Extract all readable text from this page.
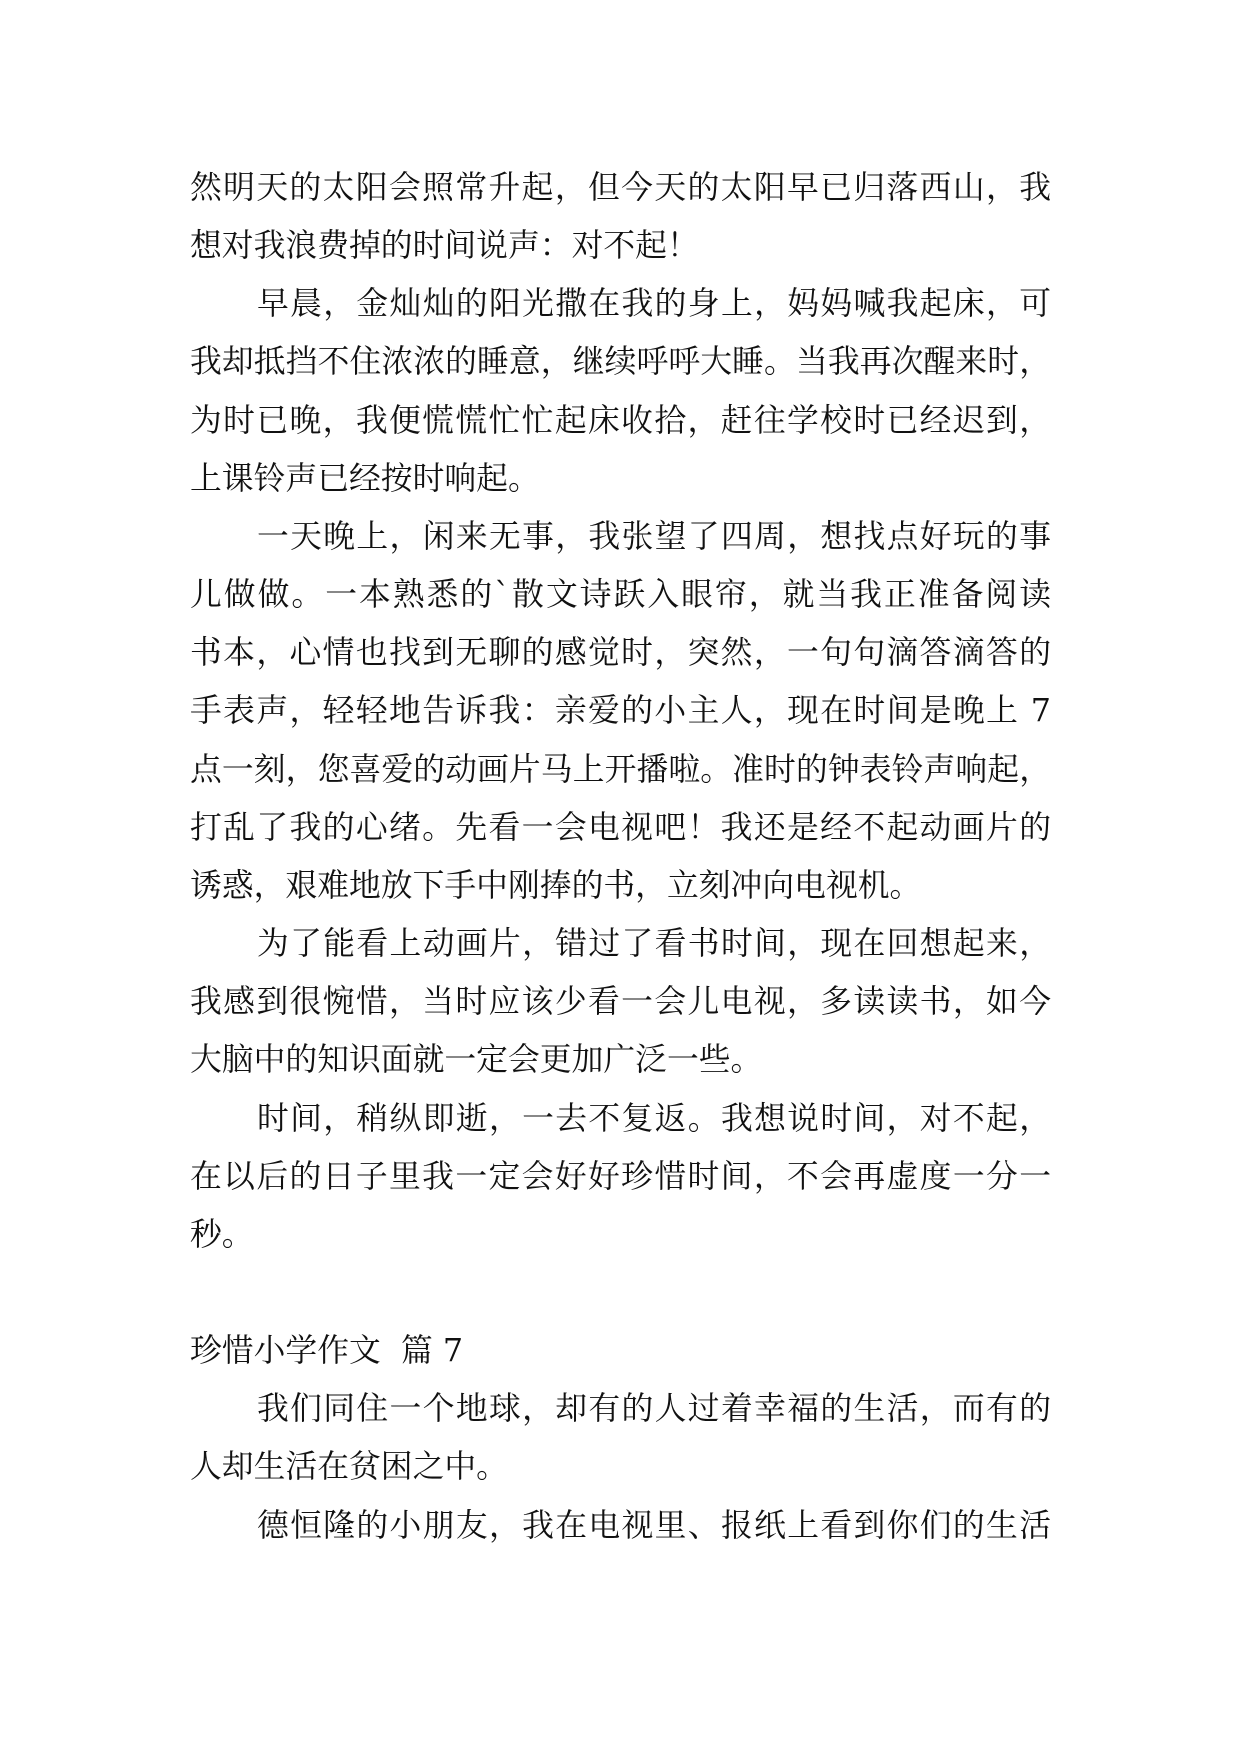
然明天的太阳会照常升起，但今天的太阳早已归落西山，我
想对我浪费掉的时间说声：对不起！
早晨，金灿灿的阳光撒在我的身上，妈妈喊我起床，可
我却抵挡不住浓浓的睡意，继续呼呼大睡。当我再次醒来时，
为时已晚，我便慌慌忙忙起床收拾，赶往学校时已经迟到，
上课铃声已经按时响起。
一天晚上，闲来无事，我张望了四周，想找点好玩的事
儿做做。一本熟悉的`散文诗跃入眼帘，就当我正准备阅读
书本，心情也找到无聊的感觉时，突然，一句句滴答滴答的
手表声，轻轻地告诉我：亲爱的小主人，现在时间是晚上 7
点一刻，您喜爱的动画片马上开播啦。准时的钟表铃声响起，
打乱了我的心绪。先看一会电视吧！我还是经不起动画片的
诱惑，艰难地放下手中刚捧的书，立刻冲向电视机。
为了能看上动画片，错过了看书时间，现在回想起来，
我感到很惋惜，当时应该少看一会儿电视，多读读书，如今
大脑中的知识面就一定会更加广泛一些。
时间，稍纵即逝，一去不复返。我想说时间，对不起，
在以后的日子里我一定会好好珍惜时间，不会再虚度一分一
秒。
珍惜小学作文  篇 7
我们同住一个地球，却有的人过着幸福的生活，而有的
人却生活在贫困之中。
德恒隆的小朋友，我在电视里、报纸上看到你们的生活
